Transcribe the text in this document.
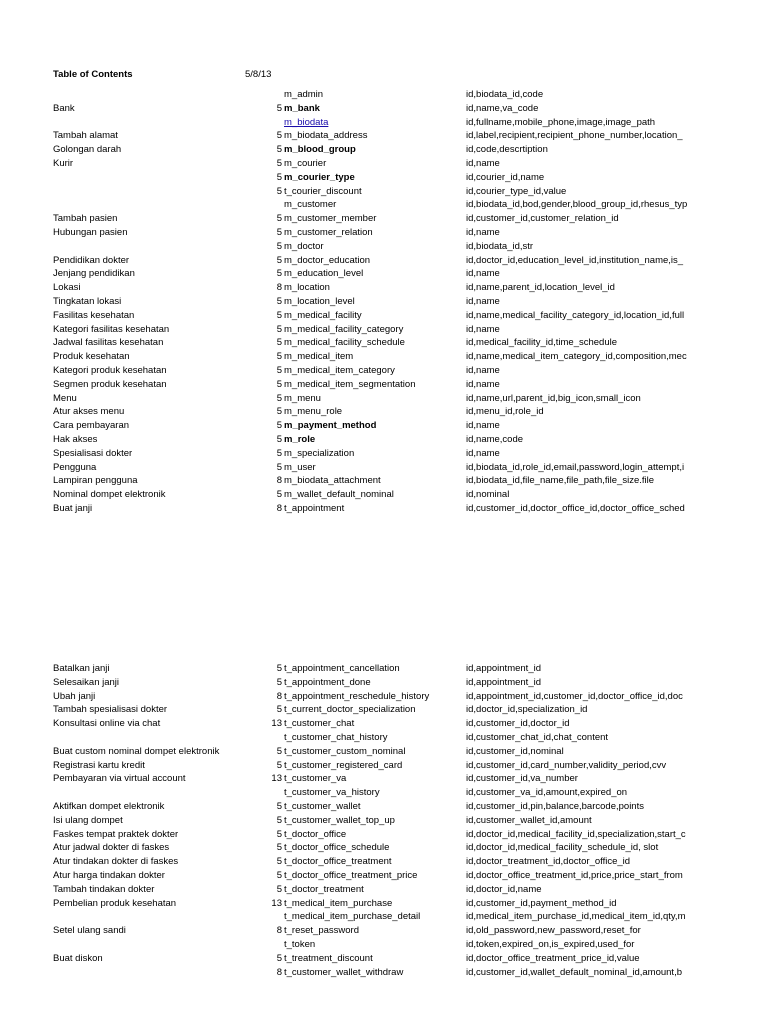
Table of Contents	5/8/13
m_admin	id,biodata_id,code
Bank	5 m_bank	id,name,va_code
m_biodata	id,fullname,mobile_phone,image,image_path
Tambah alamat	5 m_biodata_address	id,label,recipient,recipient_phone_number,location_
Golongan darah	5 m_blood_group	id,code,descrtiption
Kurir	5 m_courier	id,name
5 m_courier_type	id,courier_id,name
5 t_courier_discount	id,courier_type_id,value
m_customer	id,biodata_id,bod,gender,blood_group_id,rhesus_typ
Tambah pasien	5 m_customer_member	id,customer_id,customer_relation_id
Hubungan pasien	5 m_customer_relation	id,name
5 m_doctor	id,biodata_id,str
Pendidikan dokter	5 m_doctor_education	id,doctor_id,education_level_id,institution_name,is_
Jenjang pendidikan	5 m_education_level	id,name
Lokasi	8 m_location	id,name,parent_id,location_level_id
Tingkatan lokasi	5 m_location_level	id,name
Fasilitas kesehatan	5 m_medical_facility	id,name,medical_facility_category_id,location_id,full
Kategori fasilitas kesehatan	5 m_medical_facility_category	id,name
Jadwal fasilitas kesehatan	5 m_medical_facility_schedule	id,medical_facility_id,time_schedule
Produk kesehatan	5 m_medical_item	id,name,medical_item_category_id,composition,mec
Kategori produk kesehatan	5 m_medical_item_category	id,name
Segmen produk kesehatan	5 m_medical_item_segmentation	id,name
Menu	5 m_menu	id,name,url,parent_id,big_icon,small_icon
Atur akses menu	5 m_menu_role	id,menu_id,role_id
Cara pembayaran	5 m_payment_method	id,name
Hak akses	5 m_role	id,name,code
Spesialisasi dokter	5 m_specialization	id,name
Pengguna	5 m_user	id,biodata_id,role_id,email,password,login_attempt,i
Lampiran pengguna	8 m_biodata_attachment	id,biodata_id,file_name,file_path,file_size.file
Nominal dompet elektronik	5 m_wallet_default_nominal	id,nominal
Buat janji	8 t_appointment	id,customer_id,doctor_office_id,doctor_office_sched
Batalkan janji	5 t_appointment_cancellation	id,appointment_id
Selesaikan janji	5 t_appointment_done	id,appointment_id
Ubah janji	8 t_appointment_reschedule_history	id,appointment_id,customer_id,doctor_office_id,doc
Tambah spesialisasi dokter	5 t_current_doctor_specialization	id,doctor_id,specialization_id
Konsultasi online via chat	13 t_customer_chat	id,customer_id,doctor_id
t_customer_chat_history	id,customer_chat_id,chat_content
Buat custom nominal dompet elektronik	5 t_customer_custom_nominal	id,customer_id,nominal
Registrasi kartu kredit	5 t_customer_registered_card	id,customer_id,card_number,validity_period,cvv
Pembayaran via virtual account	13 t_customer_va	id,customer_id,va_number
t_customer_va_history	id,customer_va_id,amount,expired_on
Aktifkan dompet elektronik	5 t_customer_wallet	id,customer_id,pin,balance,barcode,points
Isi ulang dompet	5 t_customer_wallet_top_up	id,customer_wallet_id,amount
Faskes tempat praktek dokter	5 t_doctor_office	id,doctor_id,medical_facility_id,specialization,start_c
Atur jadwal dokter di faskes	5 t_doctor_office_schedule	id,doctor_id,medical_facility_schedule_id, slot
Atur tindakan dokter di faskes	5 t_doctor_office_treatment	id,doctor_treatment_id,doctor_office_id
Atur harga tindakan dokter	5 t_doctor_office_treatment_price	id,doctor_office_treatment_id,price,price_start_from
Tambah tindakan dokter	5 t_doctor_treatment	id,doctor_id,name
Pembelian produk kesehatan	13 t_medical_item_purchase	id,customer_id,payment_method_id
t_medical_item_purchase_detail	id,medical_item_purchase_id,medical_item_id,qty,m
Setel ulang sandi	8 t_reset_password	id,old_password,new_password,reset_for
t_token	id,token,expired_on,is_expired,used_for
Buat diskon	5 t_treatment_discount	id,doctor_office_treatment_price_id,value
8 t_customer_wallet_withdraw	id,customer_id,wallet_default_nominal_id,amount,b
